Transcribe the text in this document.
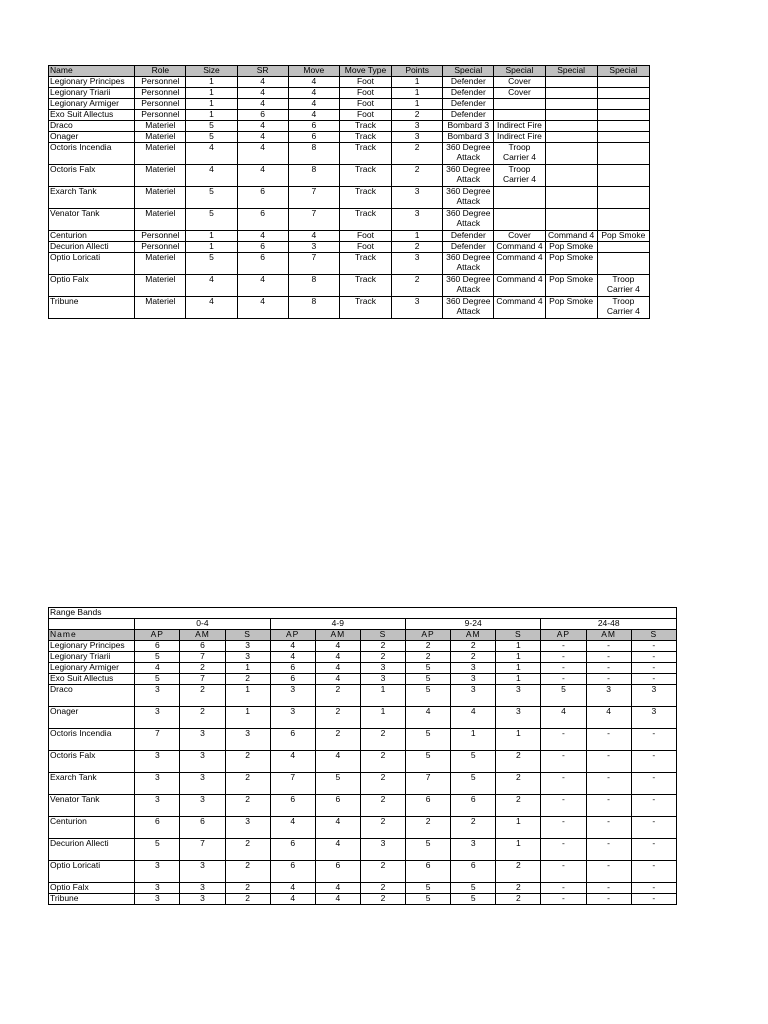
Name	Role	Size	SR	Move	Move Type	Points	Special	Special	Special	Special
Legionary Principes	Personnel	1	4	4	Foot	1	Defender	Cover		
Legionary Triarii	Personnel	1	4	4	Foot	1	Defender	Cover		
Legionary Armiger	Personnel	1	4	4	Foot	1	Defender			
Exo Suit Allectus	Personnel	1	6	4	Foot	2	Defender			
Draco	Materiel	5	4	6	Track	3	Bombard 3	Indirect Fire		
Onager	Materiel	5	4	6	Track	3	Bombard 3	Indirect Fire		
Octoris Incendia	Materiel	4	4	8	Track	2	360 Degree Attack	Troop Carrier 4		
Octoris Falx	Materiel	4	4	8	Track	2	360 Degree Attack	Troop Carrier 4		
Exarch Tank	Materiel	5	6	7	Track	3	360 Degree Attack			
Venator Tank	Materiel	5	6	7	Track	3	360 Degree Attack			
Centurion	Personnel	1	4	4	Foot	1	Defender	Cover	Command 4	Pop Smoke
Decurion Allecti	Personnel	1	6	3	Foot	2	Defender	Command 4	Pop Smoke	
Optio Loricati	Materiel	5	6	7	Track	3	360 Degree Attack	Command 4	Pop Smoke	
Optio Falx	Materiel	4	4	8	Track	2	360 Degree Attack	Command 4	Pop Smoke	Troop Carrier 4
Tribune	Materiel	4	4	8	Track	3	360 Degree Attack	Command 4	Pop Smoke	Troop Carrier 4
Range Bands												
	0-4			4-9			9-24			24-48		
Name	AP	AM	S	AP	AM	S	AP	AM	S	AP	AM	S
Legionary Principes	6	6	3	4	4	2	2	2	1	-	-	-
Legionary Triarii	5	7	3	4	4	2	2	2	1	-	-	-
Legionary Armiger	4	2	1	6	4	3	5	3	1	-	-	-
Exo Suit Allectus	5	7	2	6	4	3	5	3	1	-	-	-
Draco	3	2	1	3	2	1	5	3	3	5	3	3
Onager	3	2	1	3	2	1	4	4	3	4	4	3
Octoris Incendia	7	3	3	6	2	2	5	1	1	-	-	-
Octoris Falx	3	3	2	4	4	2	5	5	2	-	-	-
Exarch Tank	3	3	2	7	5	2	7	5	2	-	-	-
Venator Tank	3	3	2	6	6	2	6	6	2	-	-	-
Centurion	6	6	3	4	4	2	2	2	1	-	-	-
Decurion Allecti	5	7	2	6	4	3	5	3	1	-	-	-
Optio Loricati	3	3	2	6	6	2	6	6	2	-	-	-
Optio Falx	3	3	2	4	4	2	5	5	2	-	-	-
Tribune	3	3	2	4	4	2	5	5	2	-	-	-
